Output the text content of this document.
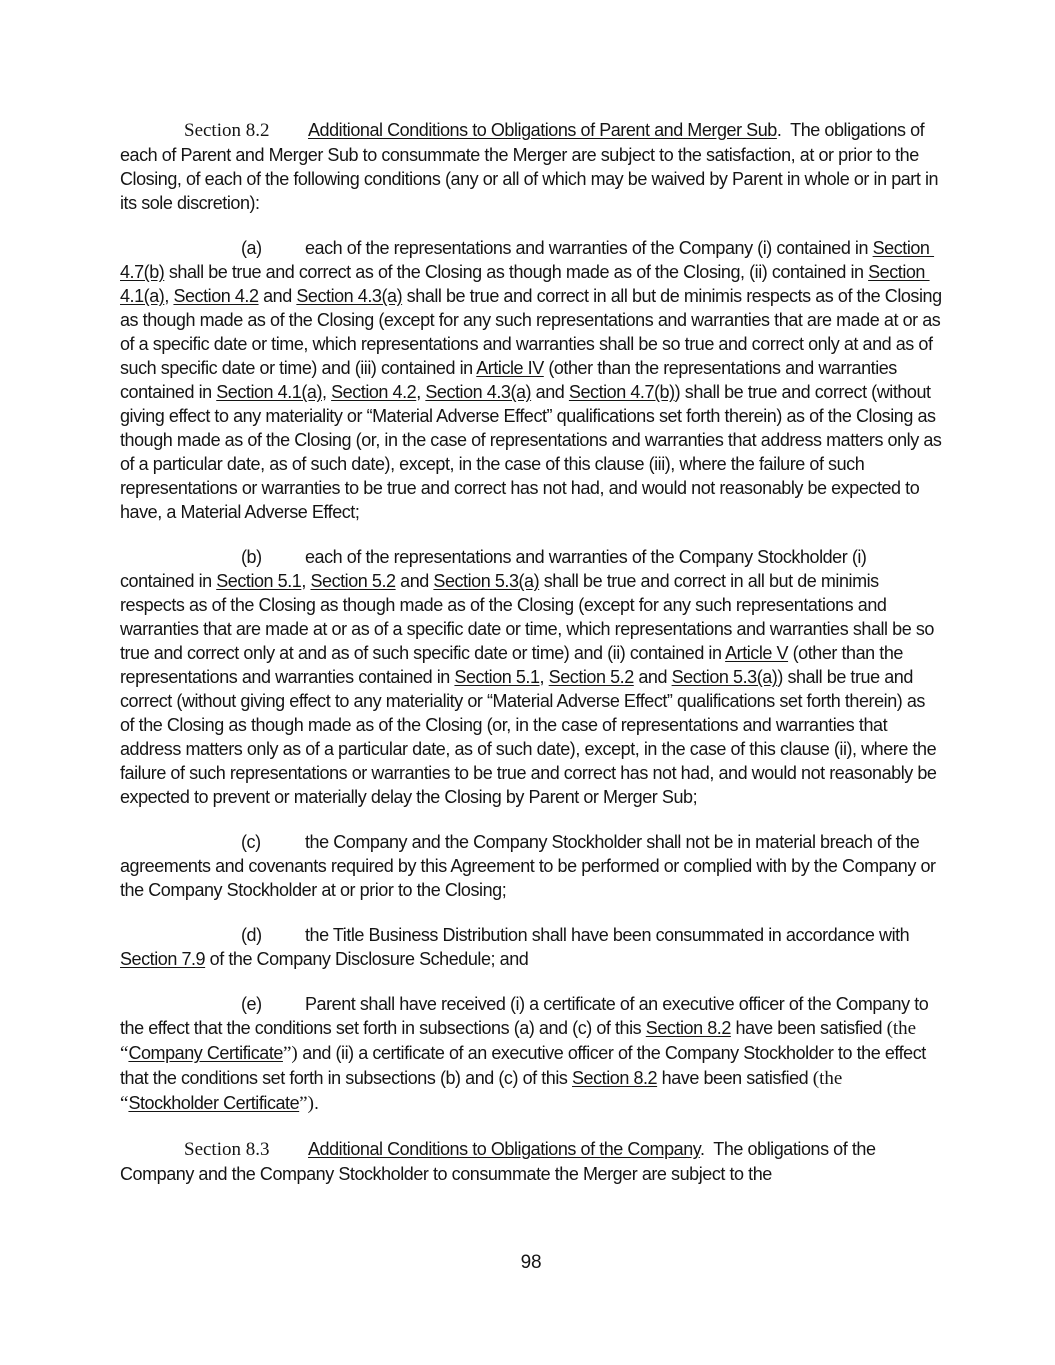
Section 8.2 Additional Conditions to Obligations of Parent and Merger Sub.  The obligations of each of Parent and Merger Sub to consummate the Merger are subject to the satisfaction, at or prior to the Closing, of each of the following conditions (any or all of which may be waived by Parent in whole or in part in its sole discretion):

(a) each of the representations and warranties of the Company (i) contained in Section 4.7(b) shall be true and correct as of the Closing as though made as of the Closing, (ii) contained in Section 4.1(a), Section 4.2 and Section 4.3(a) shall be true and correct in all but de minimis respects as of the Closing as though made as of the Closing (except for any such representations and warranties that are made at or as of a specific date or time, which representations and warranties shall be so true and correct only at and as of such specific date or time) and (iii) contained in Article IV (other than the representations and warranties contained in Section 4.1(a), Section 4.2, Section 4.3(a) and Section 4.7(b)) shall be true and correct (without giving effect to any materiality or “Material Adverse Effect” qualifications set forth therein) as of the Closing as though made as of the Closing (or, in the case of representations and warranties that address matters only as of a particular date, as of such date), except, in the case of this clause (iii), where the failure of such representations or warranties to be true and correct has not had, and would not reasonably be expected to have, a Material Adverse Effect;

(b) each of the representations and warranties of the Company Stockholder (i) contained in Section 5.1, Section 5.2 and Section 5.3(a) shall be true and correct in all but de minimis respects as of the Closing as though made as of the Closing (except for any such representations and warranties that are made at or as of a specific date or time, which representations and warranties shall be so true and correct only at and as of such specific date or time) and (ii) contained in Article V (other than the representations and warranties contained in Section 5.1, Section 5.2 and Section 5.3(a)) shall be true and correct (without giving effect to any materiality or “Material Adverse Effect” qualifications set forth therein) as of the Closing as though made as of the Closing (or, in the case of representations and warranties that address matters only as of a particular date, as of such date), except, in the case of this clause (ii), where the failure of such representations or warranties to be true and correct has not had, and would not reasonably be expected to prevent or materially delay the Closing by Parent or Merger Sub;

(c) the Company and the Company Stockholder shall not be in material breach of the agreements and covenants required by this Agreement to be performed or complied with by the Company or the Company Stockholder at or prior to the Closing;

(d) the Title Business Distribution shall have been consummated in accordance with Section 7.9 of the Company Disclosure Schedule; and

(e) Parent shall have received (i) a certificate of an executive officer of the Company to the effect that the conditions set forth in subsections (a) and (c) of this Section 8.2 have been satisfied (the “Company Certificate”) and (ii) a certificate of an executive officer of the Company Stockholder to the effect that the conditions set forth in subsections (b) and (c) of this Section 8.2 have been satisfied (the “Stockholder Certificate”).

Section 8.3 Additional Conditions to Obligations of the Company.  The obligations of the Company and the Company Stockholder to consummate the Merger are subject to the

98
